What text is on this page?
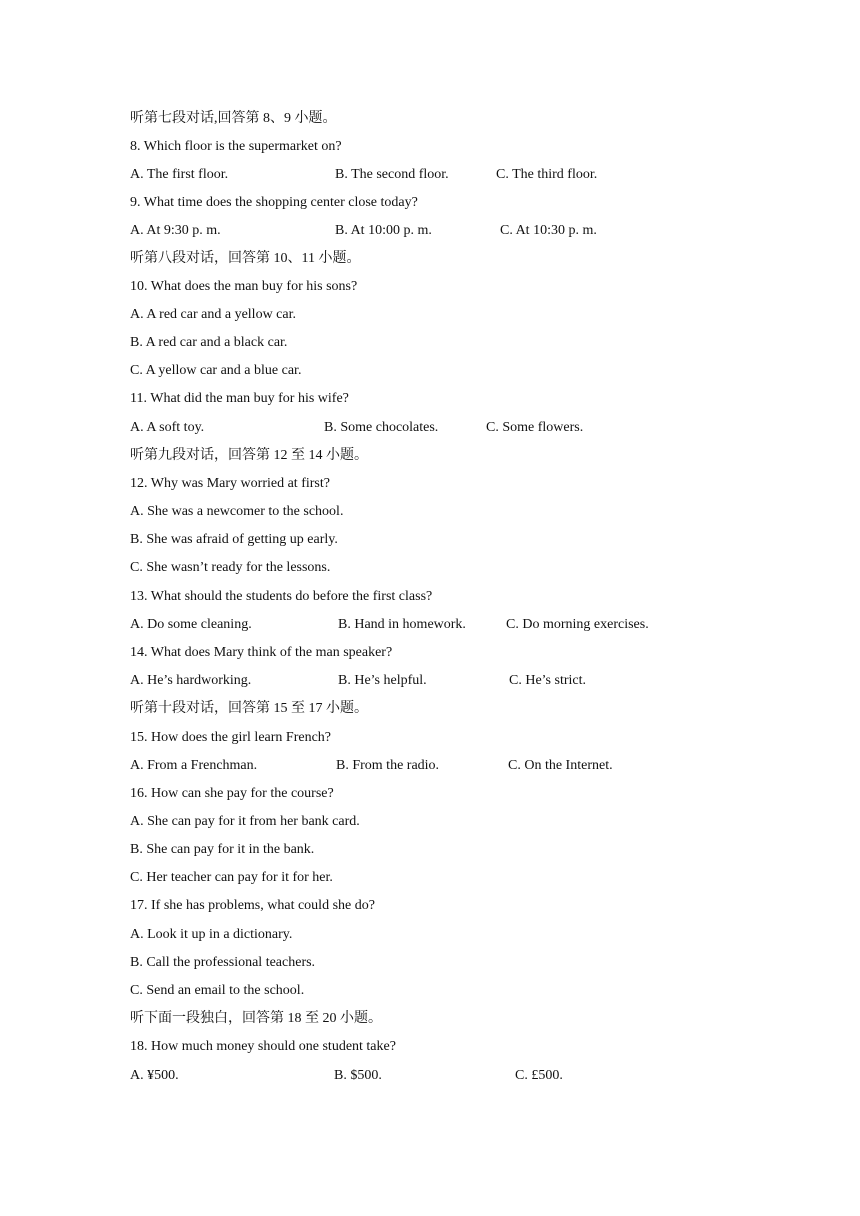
听第七段对话,回答第 8、9 小题。
8. Which floor is the supermarket on?
A. The first floor.	B. The second floor.	C. The third floor.
9. What time does the shopping center close today?
A. At 9:30 p. m.	B. At 10:00 p. m.	C. At 10:30 p. m.
听第八段对话，回答第 10、11 小题。
10. What does the man buy for his sons?
A. A red car and a yellow car.
B. A red car and a black car.
C. A yellow car and a blue car.
11. What did the man buy for his wife?
A. A soft toy.	B. Some chocolates.	C. Some flowers.
听第九段对话，回答第 12 至 14 小题。
12. Why was Mary worried at first?
A. She was a newcomer to the school.
B. She was afraid of getting up early.
C. She wasn’t ready for the lessons.
13. What should the students do before the first class?
A. Do some cleaning.	B. Hand in homework.	C. Do morning exercises.
14. What does Mary think of the man speaker?
A. He’s hardworking.	B. He’s helpful.	C. He’s strict.
听第十段对话，回答第 15 至 17 小题。
15. How does the girl learn French?
A. From a Frenchman.	B. From the radio.	C. On the Internet.
16. How can she pay for the course?
A. She can pay for it from her bank card.
B. She can pay for it in the bank.
C. Her teacher can pay for it for her.
17. If she has problems, what could she do?
A. Look it up in a dictionary.
B. Call the professional teachers.
C. Send an email to the school.
听下面一段独白，回答第 18 至 20 小题。
18. How much money should one student take?
A. ¥500.	B. $500.	C. £500.
